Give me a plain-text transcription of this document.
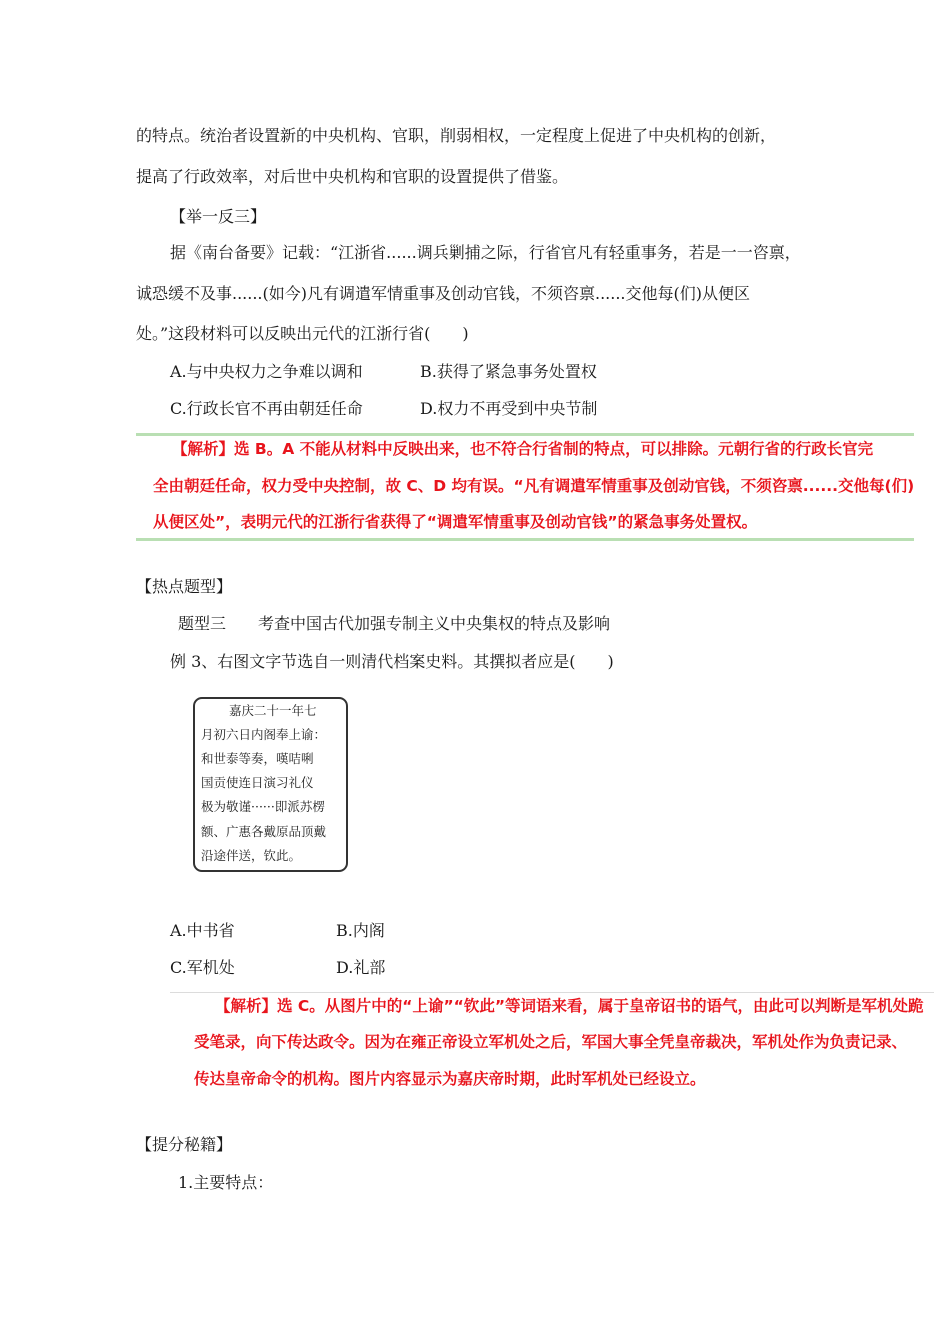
的特点。统治者设置新的中央机构、官职，削弱相权，一定程度上促进了中央机构的创新，
提高了行政效率，对后世中央机构和官职的设置提供了借鉴。
【举一反三】
据《南台备要》记载：“江浙省......调兵剿捕之际，行省官凡有轻重事务，若是一一咨禀，
诚恐缓不及事......(如今)凡有调遣军情重事及创动官钱，不须咨禀......交他每(们)从便区
处。”这段材料可以反映出元代的江浙行省(　　)
A.与中央权力之争难以调和	B.获得了紧急事务处置权
C.行政长官不再由朝廷任命	D.权力不再受到中央节制
【解析】选 B。A 不能从材料中反映出来，也不符合行省制的特点，可以排除。元朝行省的行政长官完
全由朝廷任命，权力受中央控制，故 C、D 均有误。“凡有调遣军情重事及创动官钱，不须咨禀......交他每(们)
从便区处”，表明元代的江浙行省获得了“调遣军情重事及创动官钱”的紧急事务处置权。
【热点题型】
题型三　　考查中国古代加强专制主义中央集权的特点及影响
例 3、右图文字节选自一则清代档案史料。其撰拟者应是(　　)
嘉庆二十一年七
月初六日内阁奉上谕：
和世泰等奏，嘆咭唎
国贡使连日演习礼仪
极为敬谨······即派苏楞
额、广惠各戴原品顶戴
沿途伴送，钦此。
A.中书省	B.内阁
C.军机处	D.礼部
【解析】选 C。从图片中的“上谕”“钦此”等词语来看，属于皇帝诏书的语气，由此可以判断是军机处跪
受笔录，向下传达政令。因为在雍正帝设立军机处之后，军国大事全凭皇帝裁决，军机处作为负责记录、
传达皇帝命令的机构。图片内容显示为嘉庆帝时期，此时军机处已经设立。
【提分秘籍】
1.主要特点：
